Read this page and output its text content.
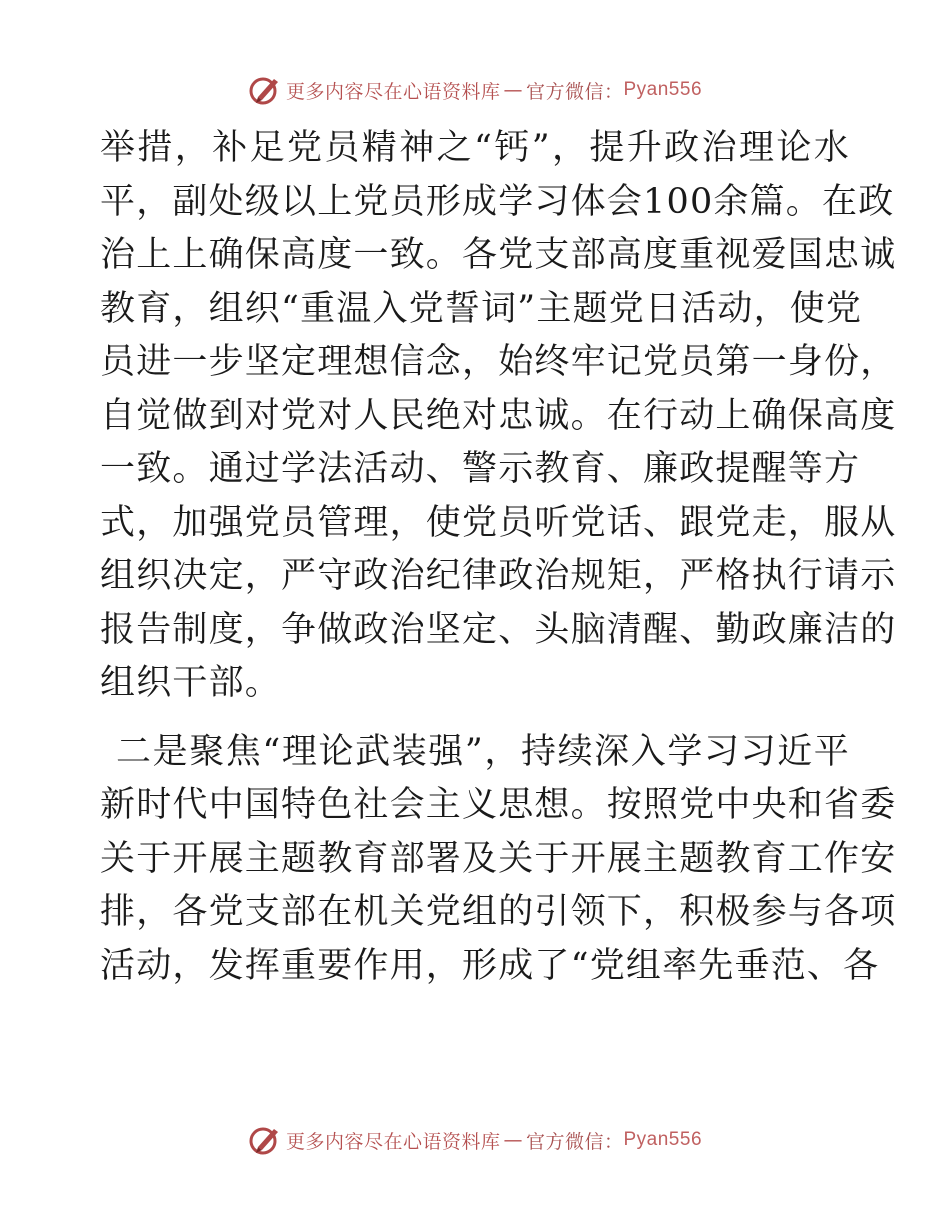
更多内容尽在心语资料库 — 官方微信： Pyan556
举措，补足党员精神之“钙”，提升政治理论水
平，副处级以上党员形成学习体会100余篇。在政
治上上确保高度一致。各党支部高度重视爱国忠诚
教育，组织“重温入党誓词”主题党日活动，使党
员进一步坚定理想信念，始终牢记党员第一身份，
自觉做到对党对人民绝对忠诚。在行动上确保高度
一致。通过学法活动、警示教育、廉政提醒等方
式，加强党员管理，使党员听党话、跟党走，服从
组织决定，严守政治纪律政治规矩，严格执行请示
报告制度，争做政治坚定、头脑清醒、勤政廉洁的
组织干部。
二是聚焦“理论武装强”，持续深入学习习近平
新时代中国特色社会主义思想。按照党中央和省委
关于开展主题教育部署及关于开展主题教育工作安
排，各党支部在机关党组的引领下，积极参与各项
活动，发挥重要作用，形成了“党组率先垂范、各
更多内容尽在心语资料库 — 官方微信： Pyan556
